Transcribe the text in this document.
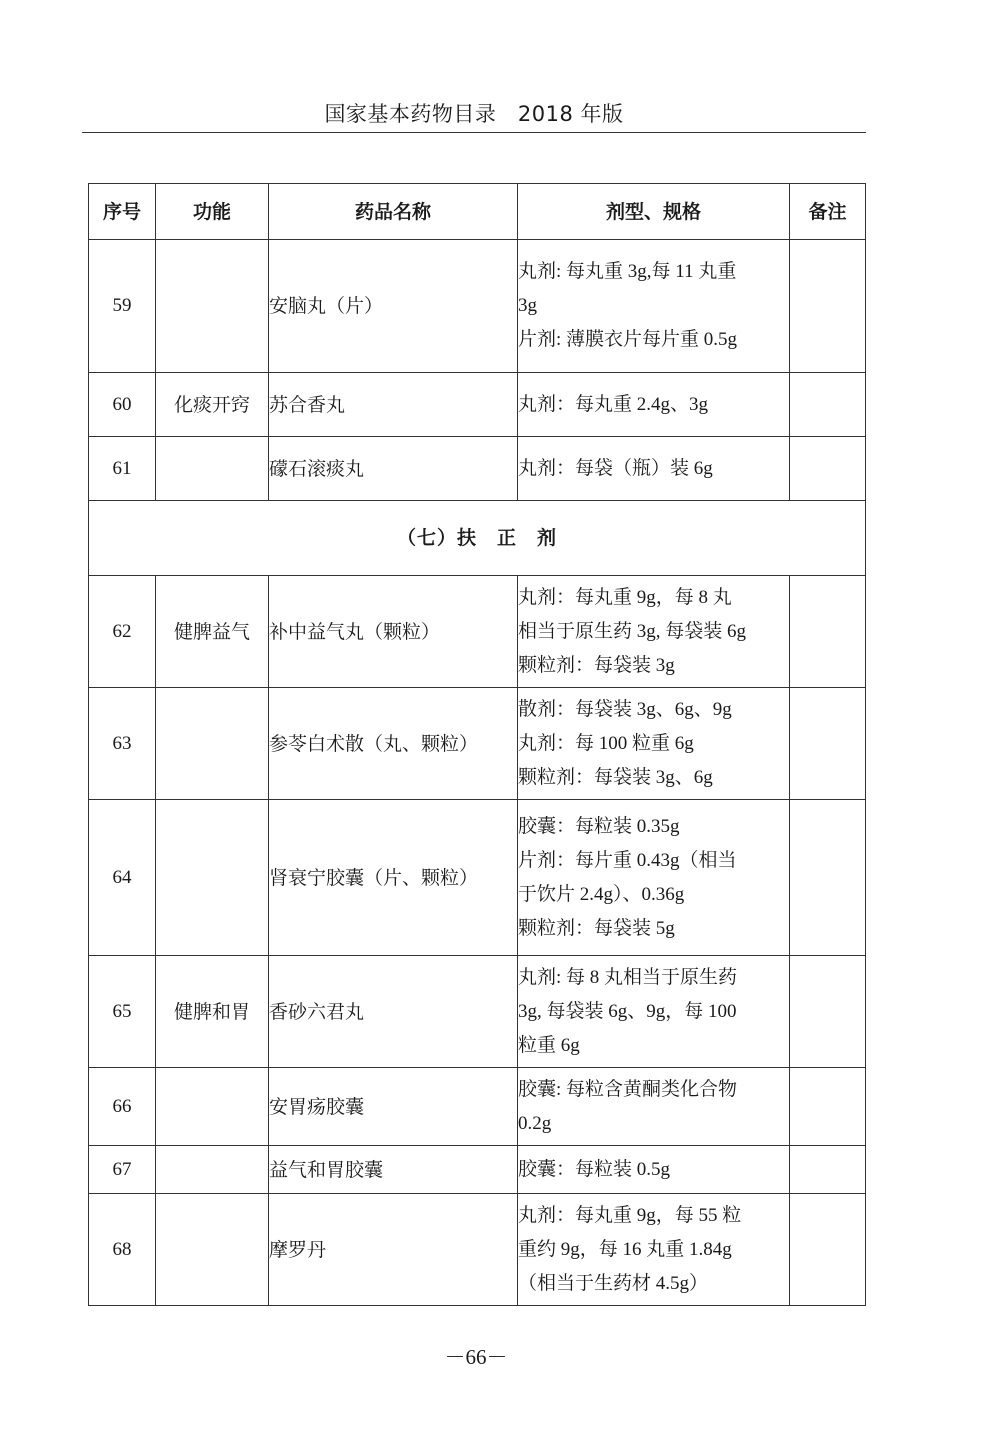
国家基本药物目录　2018 年版
序号	功能	药品名称	剂型、规格	备注
59		安脑丸（片）	丸剂: 每丸重 3g,每 11 丸重
3g
片剂: 薄膜衣片每片重 0.5g	

60	化痰开窍	苏合香丸	丸剂：每丸重 2.4g、3g	

61		礞石滚痰丸	丸剂：每袋（瓶）装 6g	

（七）扶　正　剂				
62	健脾益气	补中益气丸（颗粒）	丸剂：每丸重 9g，每 8 丸
相当于原生药 3g, 每袋装 6g
颗粒剂：每袋装 3g	

63		参苓白术散（丸、颗粒）	散剂：每袋装 3g、6g、9g
丸剂：每 100 粒重 6g
颗粒剂：每袋装 3g、6g	

64		肾衰宁胶囊（片、颗粒）	胶囊：每粒装 0.35g
片剂：每片重 0.43g（相当
于饮片 2.4g）、0.36g
颗粒剂：每袋装 5g	

65	健脾和胃	香砂六君丸	丸剂: 每 8 丸相当于原生药
3g, 每袋装 6g、9g，每 100
粒重 6g	

66		安胃疡胶囊	胶囊: 每粒含黄酮类化合物
0.2g	

67		益气和胃胶囊	胶囊：每粒装 0.5g	

68		摩罗丹	丸剂：每丸重 9g，每 55 粒
重约 9g，每 16 丸重 1.84g
（相当于生药材 4.5g）	

－66－
